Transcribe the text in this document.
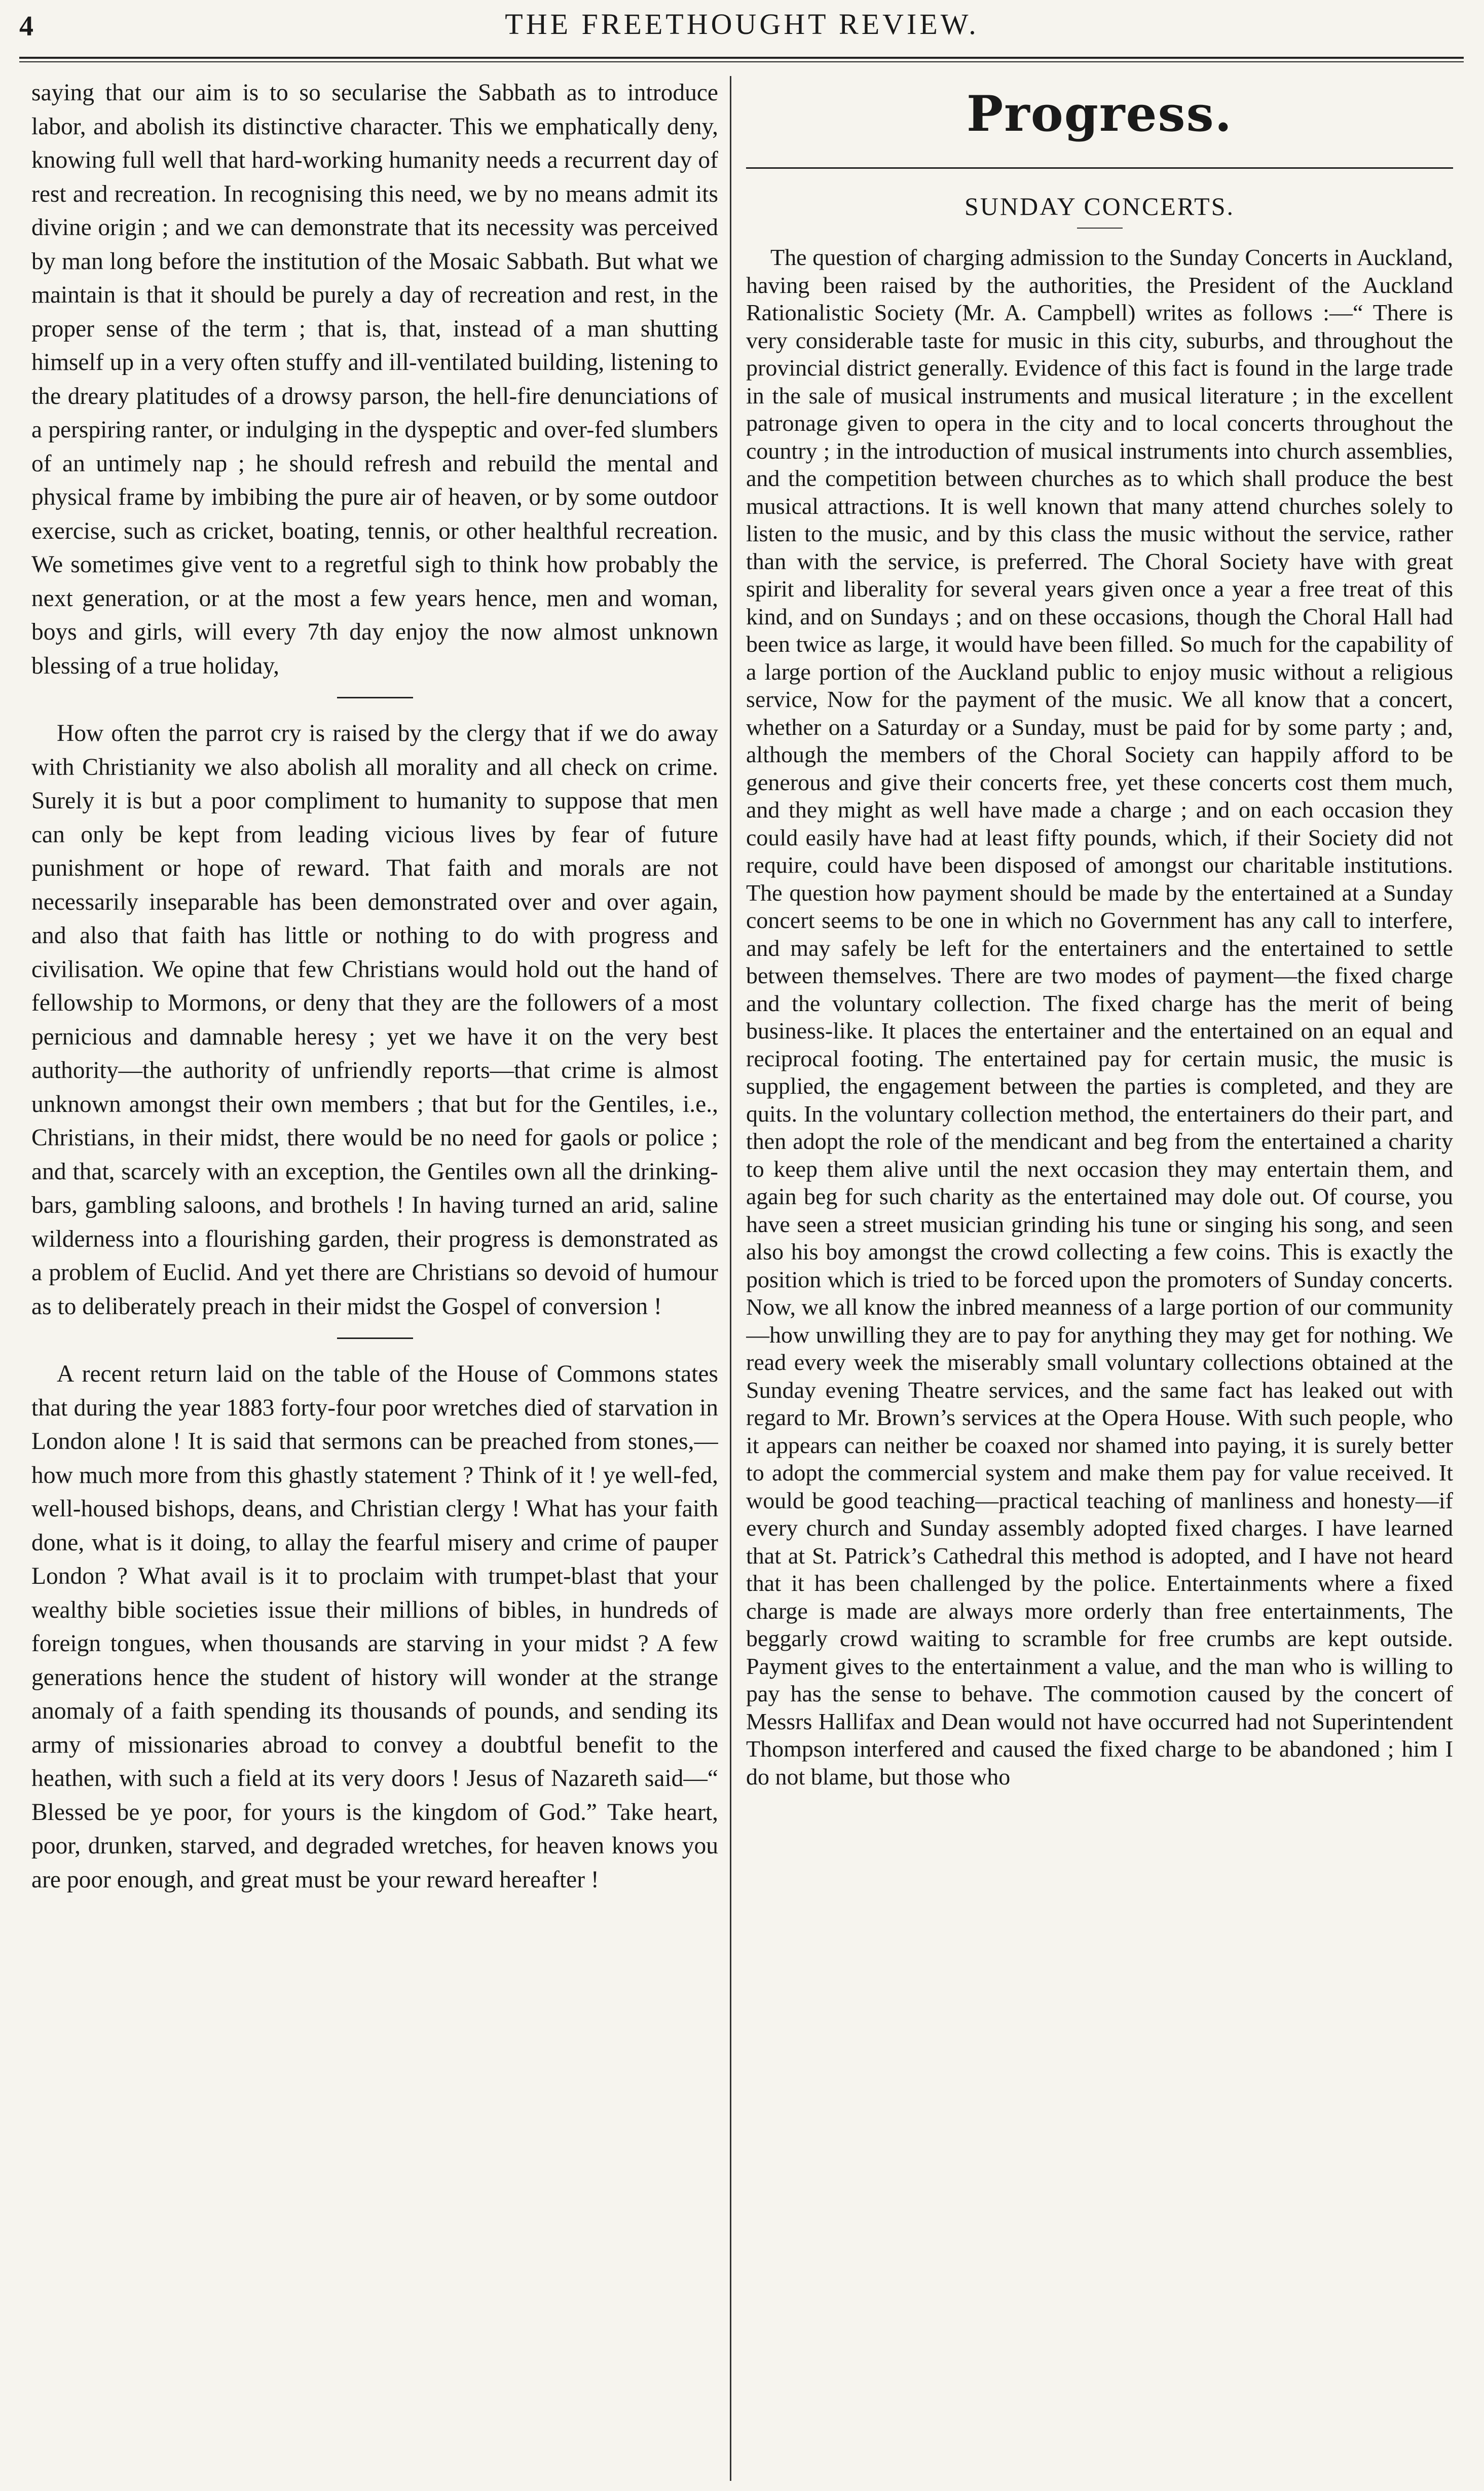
4	THE FREETHOUGHT REVIEW.

saying that our aim is to so secularise the Sabbath as to introduce labor, and abolish its distinctive character. This we emphatically deny, knowing full well that hard-working humanity needs a recurrent day of rest and recreation. In recognising this need, we by no means admit its divine origin ; and we can demonstrate that its necessity was perceived by man long before the institution of the Mosaic Sabbath. But what we maintain is that it should be purely a day of recreation and rest, in the proper sense of the term ; that is, that, instead of a man shutting himself up in a very often stuffy and ill-ventilated building, listening to the dreary platitudes of a drowsy parson, the hell-fire denunciations of a perspiring ranter, or indulging in the dyspeptic and over-fed slumbers of an untimely nap ; he should refresh and rebuild the mental and physical frame by imbibing the pure air of heaven, or by some outdoor exercise, such as cricket, boating, tennis, or other healthful recreation. We sometimes give vent to a regretful sigh to think how probably the next generation, or at the most a few years hence, men and woman, boys and girls, will every 7th day enjoy the now almost unknown blessing of a true holiday,

How often the parrot cry is raised by the clergy that if we do away with Christianity we also abolish all morality and all check on crime. Surely it is but a poor compliment to humanity to suppose that men can only be kept from leading vicious lives by fear of future punishment or hope of reward. That faith and morals are not necessarily inseparable has been demonstrated over and over again, and also that faith has little or nothing to do with progress and civilisation. We opine that few Christians would hold out the hand of fellowship to Mormons, or deny that they are the followers of a most pernicious and damnable heresy ; yet we have it on the very best authority—the authority of unfriendly reports—that crime is almost unknown amongst their own members ; that but for the Gentiles, i.e., Christians, in their midst, there would be no need for gaols or police ; and that, scarcely with an exception, the Gentiles own all the drinking-bars, gambling saloons, and brothels ! In having turned an arid, saline wilderness into a flourishing garden, their progress is demonstrated as a problem of Euclid. And yet there are Christians so devoid of humour as to deliberately preach in their midst the Gospel of conversion !

A recent return laid on the table of the House of Commons states that during the year 1883 forty-four poor wretches died of starvation in London alone ! It is said that sermons can be preached from stones,—how much more from this ghastly statement ? Think of it ! ye well-fed, well-housed bishops, deans, and Christian clergy ! What has your faith done, what is it doing, to allay the fearful misery and crime of pauper London ? What avail is it to proclaim with trumpet-blast that your wealthy bible societies issue their millions of bibles, in hundreds of foreign tongues, when thousands are starving in your midst ? A few generations hence the student of history will wonder at the strange anomaly of a faith spending its thousands of pounds, and sending its army of missionaries abroad to convey a doubtful benefit to the heathen, with such a field at its very doors ! Jesus of Nazareth said—“ Blessed be ye poor, for yours is the kingdom of God.” Take heart, poor, drunken, starved, and degraded wretches, for heaven knows you are poor enough, and great must be your reward hereafter !

Progress.
SUNDAY CONCERTS.

The question of charging admission to the Sunday Concerts in Auckland, having been raised by the authorities, the President of the Auckland Rationalistic Society (Mr. A. Campbell) writes as follows :—“ There is very considerable taste for music in this city, suburbs, and throughout the provincial district generally. Evidence of this fact is found in the large trade in the sale of musical instruments and musical literature ; in the excellent patronage given to opera in the city and to local concerts throughout the country ; in the introduction of musical instruments into church assemblies, and the competition between churches as to which shall produce the best musical attractions. It is well known that many attend churches solely to listen to the music, and by this class the music without the service, rather than with the service, is preferred. The Choral Society have with great spirit and liberality for several years given once a year a free treat of this kind, and on Sundays ; and on these occasions, though the Choral Hall had been twice as large, it would have been filled. So much for the capability of a large portion of the Auckland public to enjoy music without a religious service, Now for the payment of the music. We all know that a concert, whether on a Saturday or a Sunday, must be paid for by some party ; and, although the members of the Choral Society can happily afford to be generous and give their concerts free, yet these concerts cost them much, and they might as well have made a charge ; and on each occasion they could easily have had at least fifty pounds, which, if their Society did not require, could have been disposed of amongst our charitable institutions. The question how payment should be made by the entertained at a Sunday concert seems to be one in which no Government has any call to interfere, and may safely be left for the entertainers and the entertained to settle between themselves. There are two modes of payment—the fixed charge and the voluntary collection. The fixed charge has the merit of being business-like. It places the entertainer and the entertained on an equal and reciprocal footing. The entertained pay for certain music, the music is supplied, the engagement between the parties is completed, and they are quits. In the voluntary collection method, the entertainers do their part, and then adopt the role of the mendicant and beg from the entertained a charity to keep them alive until the next occasion they may entertain them, and again beg for such charity as the entertained may dole out. Of course, you have seen a street musician grinding his tune or singing his song, and seen also his boy amongst the crowd collecting a few coins. This is exactly the position which is tried to be forced upon the promoters of Sunday concerts. Now, we all know the inbred meanness of a large portion of our community—how unwilling they are to pay for anything they may get for nothing. We read every week the miserably small voluntary collections obtained at the Sunday evening Theatre services, and the same fact has leaked out with regard to Mr. Brown’s services at the Opera House. With such people, who it appears can neither be coaxed nor shamed into paying, it is surely better to adopt the commercial system and make them pay for value received. It would be good teaching—practical teaching of manliness and honesty—if every church and Sunday assembly adopted fixed charges. I have learned that at St. Patrick’s Cathedral this method is adopted, and I have not heard that it has been challenged by the police. Entertainments where a fixed charge is made are always more orderly than free entertainments, The beggarly crowd waiting to scramble for free crumbs are kept outside. Payment gives to the entertainment a value, and the man who is willing to pay has the sense to behave. The commotion caused by the concert of Messrs Hallifax and Dean would not have occurred had not Superintendent Thompson interfered and caused the fixed charge to be abandoned ; him I do not blame, but those who
